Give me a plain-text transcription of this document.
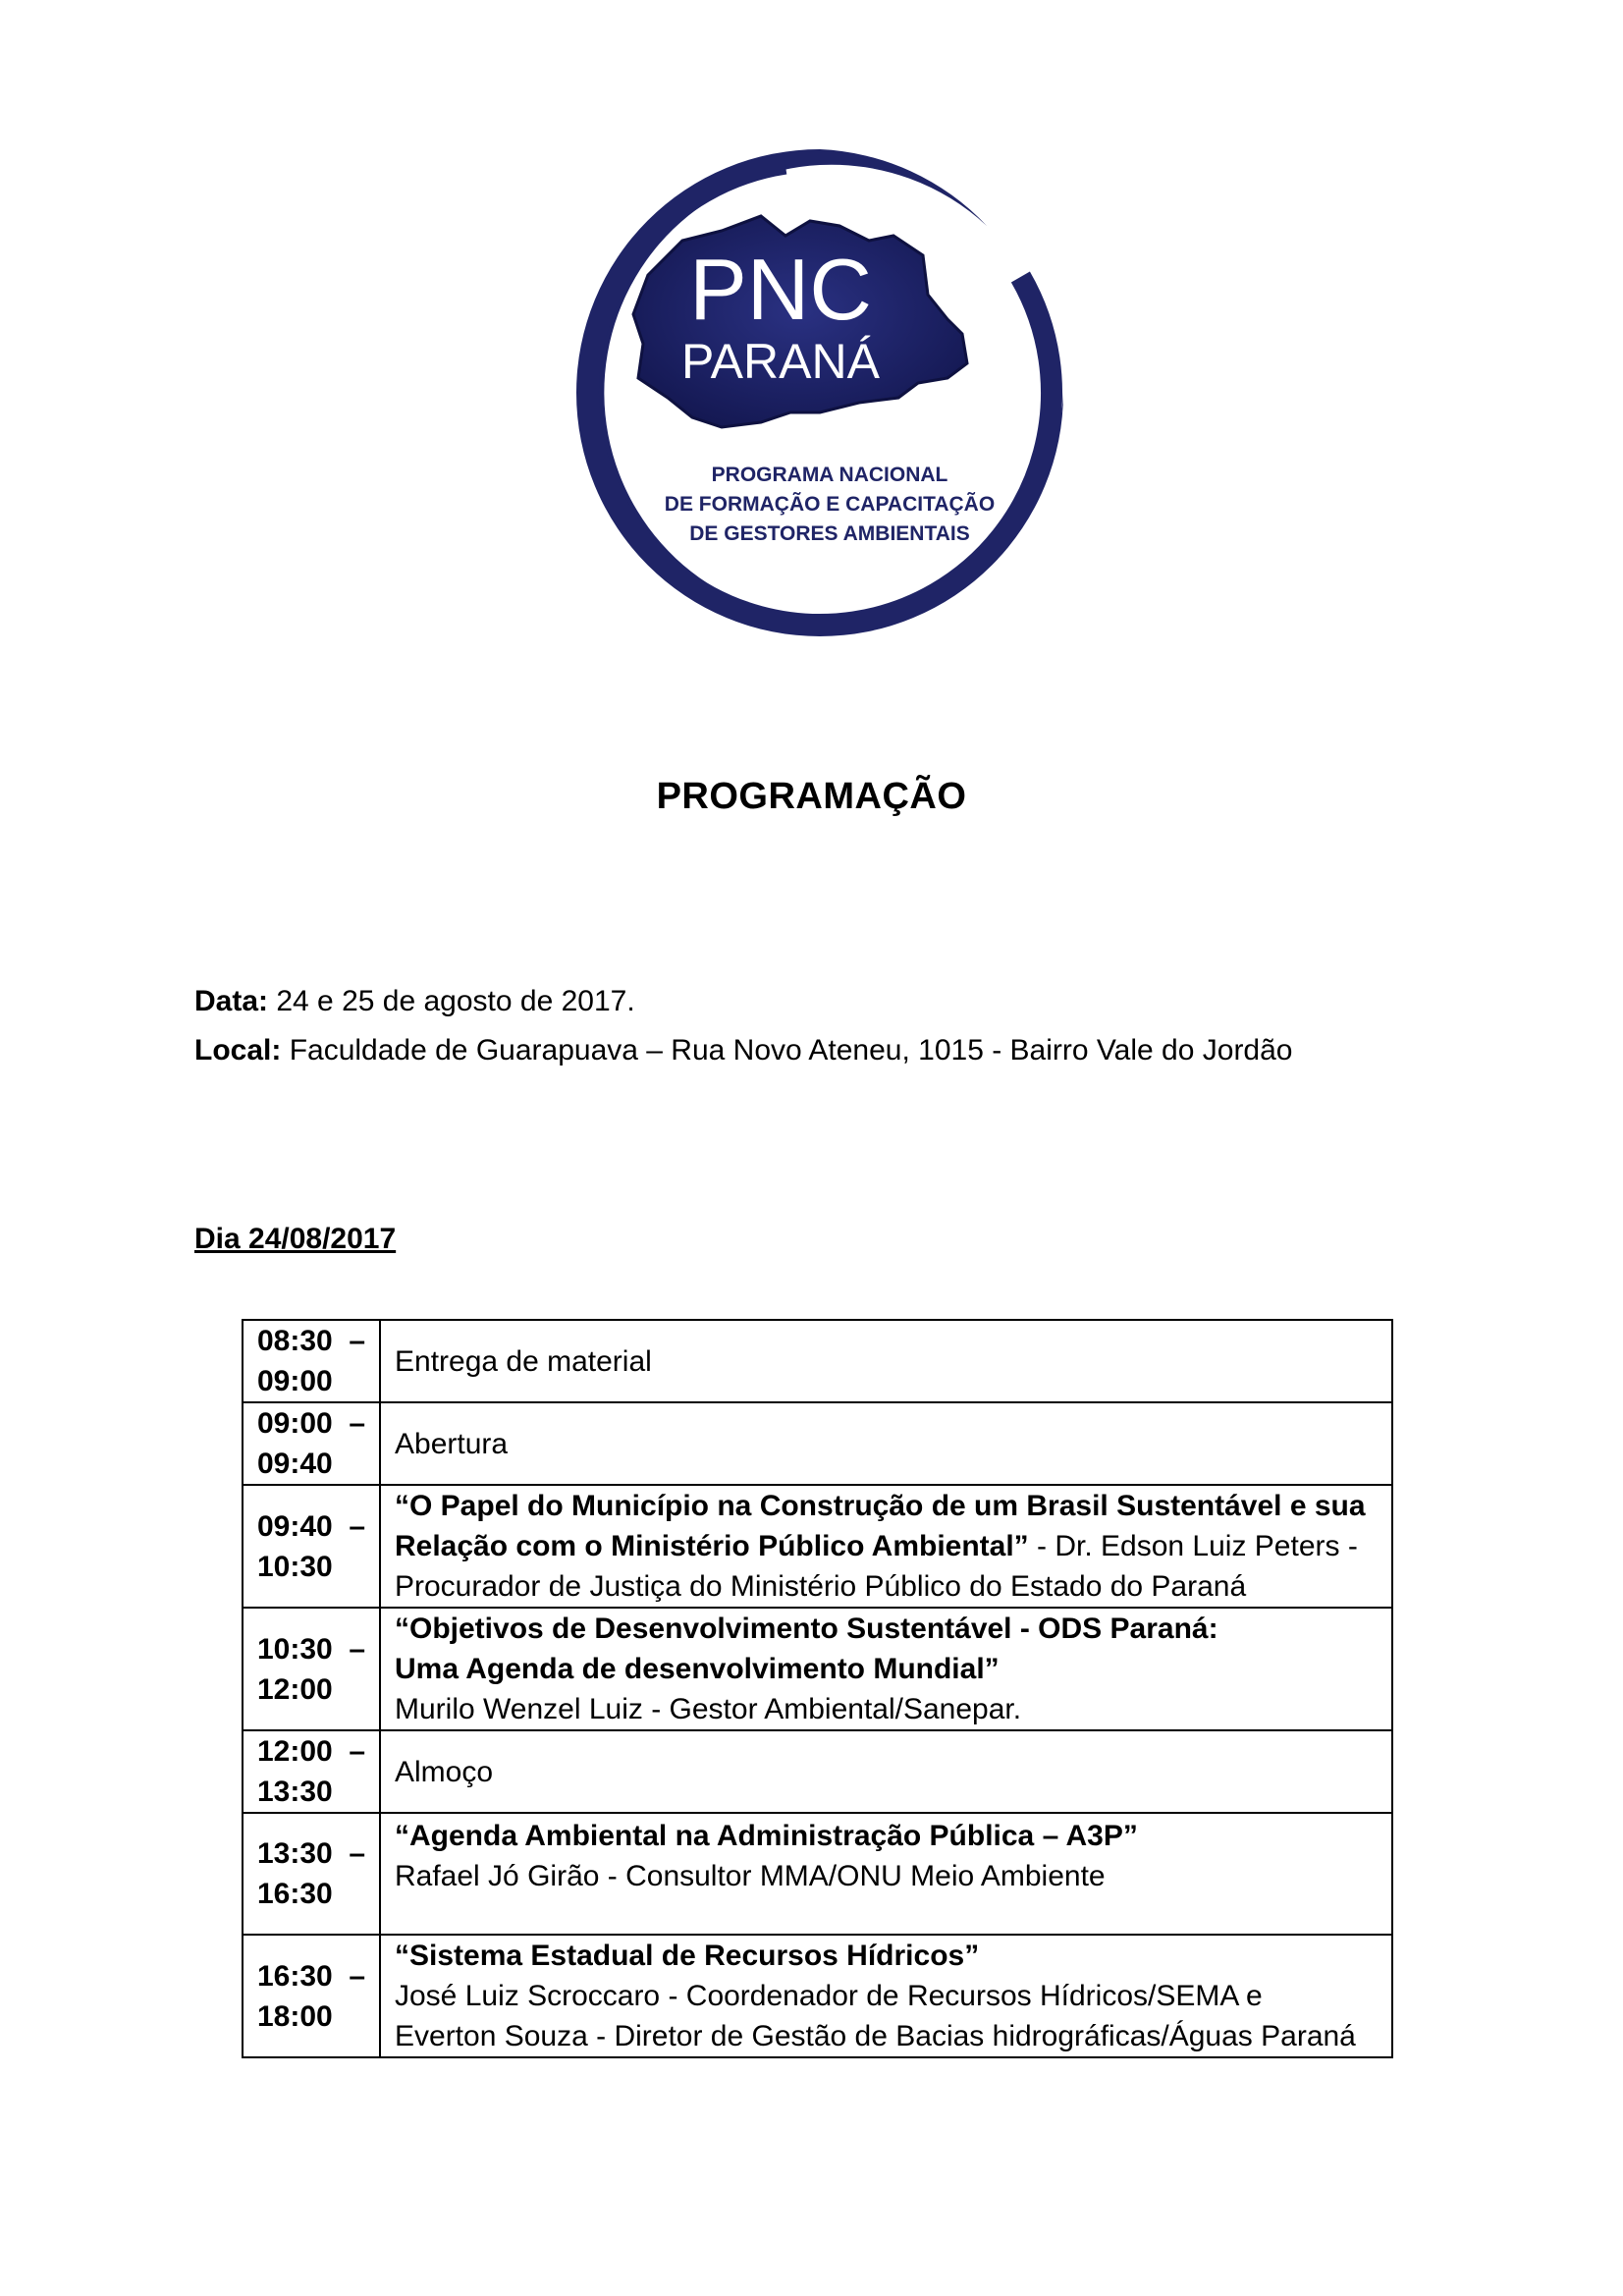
PNC
PARANÁ
PROGRAMA NACIONAL
DE FORMAÇÃO E CAPACITAÇÃO
DE GESTORES AMBIENTAIS
PROGRAMAÇÃO
Data: 24 e 25 de agosto de 2017.
Local: Faculdade de Guarapuava – Rua Novo Ateneu, 1015 - Bairro Vale do Jordão
Dia 24/08/2017
08:30 –
09:00	Entrega de material

09:00 –
09:40	Abertura

09:40 –
10:30	“O Papel do Município na Construção de um Brasil Sustentável e sua Relação com o Ministério Público Ambiental” - Dr. Edson Luiz Peters - Procurador de Justiça do Ministério Público do Estado do Paraná

10:30 –
12:00	“Objetivos de Desenvolvimento Sustentável - ODS Paraná:
Uma Agenda de desenvolvimento Mundial”
Murilo Wenzel Luiz - Gestor Ambiental/Sanepar.

12:00 –
13:30	Almoço

13:30 –
16:30	“Agenda Ambiental na Administração Pública – A3P”
Rafael Jó Girão - Consultor MMA/ONU Meio Ambiente

16:30 –
18:00	“Sistema Estadual de Recursos Hídricos”
José Luiz Scroccaro - Coordenador de Recursos Hídricos/SEMA e
Everton Souza - Diretor de Gestão de Bacias hidrográficas/Águas Paraná
